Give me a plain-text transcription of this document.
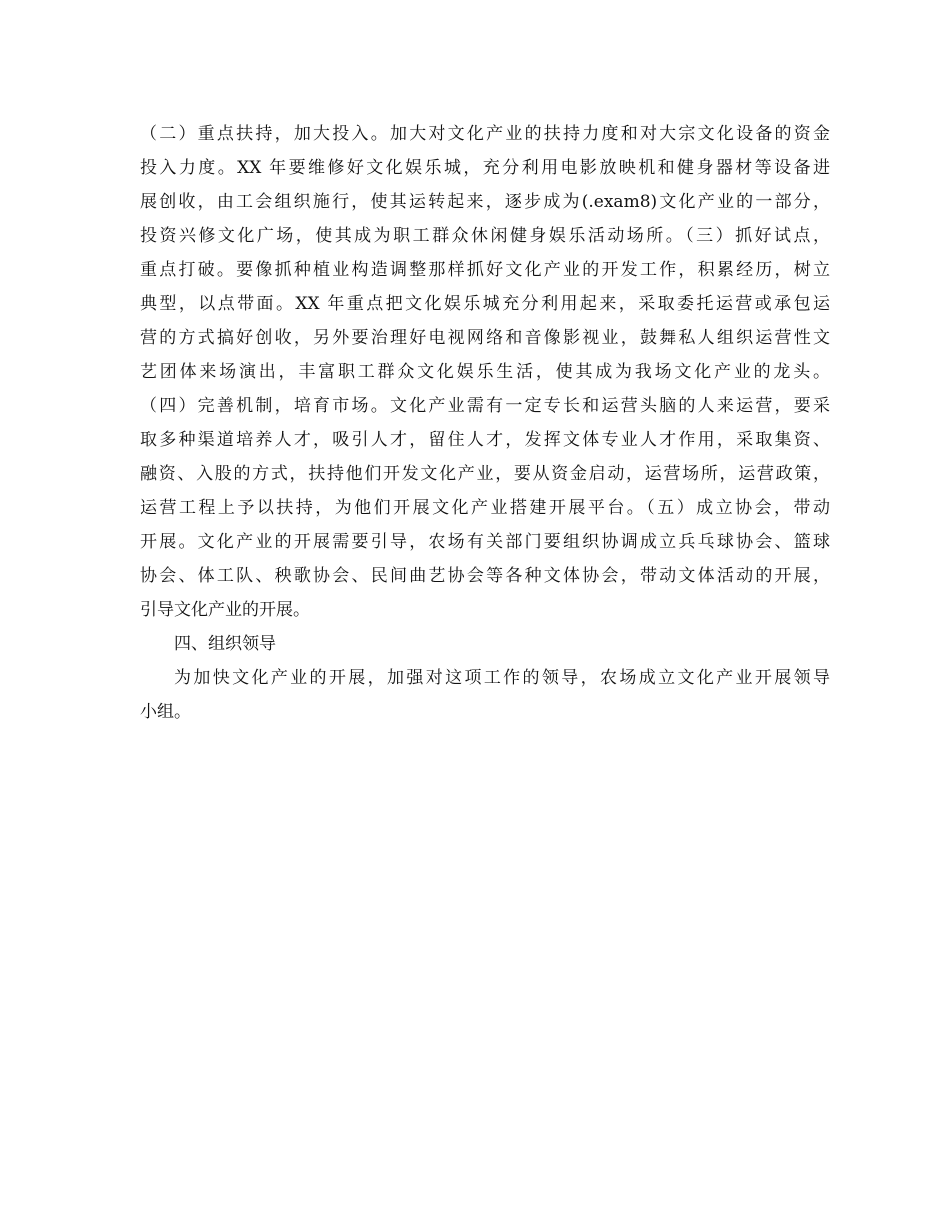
（二）重点扶持，加大投入。加大对文化产业的扶持力度和对大宗文化设备的资金
投入力度。XX 年要维修好文化娱乐城，充分利用电影放映机和健身器材等设备进
展创收，由工会组织施行，使其运转起来，逐步成为(.exam8)文化产业的一部分，
投资兴修文化广场，使其成为职工群众休闲健身娱乐活动场所。（三）抓好试点，
重点打破。要像抓种植业构造调整那样抓好文化产业的开发工作，积累经历，树立
典型，以点带面。XX 年重点把文化娱乐城充分利用起来，采取委托运营或承包运
营的方式搞好创收，另外要治理好电视网络和音像影视业，鼓舞私人组织运营性文
艺团体来场演出，丰富职工群众文化娱乐生活，使其成为我场文化产业的龙头。
（四）完善机制，培育市场。文化产业需有一定专长和运营头脑的人来运营，要采
取多种渠道培养人才，吸引人才，留住人才，发挥文体专业人才作用，采取集资、
融资、入股的方式，扶持他们开发文化产业，要从资金启动，运营场所，运营政策，
运营工程上予以扶持，为他们开展文化产业搭建开展平台。（五）成立协会，带动
开展。文化产业的开展需要引导，农场有关部门要组织协调成立兵乓球协会、篮球
协会、体工队、秧歌协会、民间曲艺协会等各种文体协会，带动文体活动的开展，
引导文化产业的开展。
四、组织领导
为加快文化产业的开展，加强对这项工作的领导，农场成立文化产业开展领导
小组。
